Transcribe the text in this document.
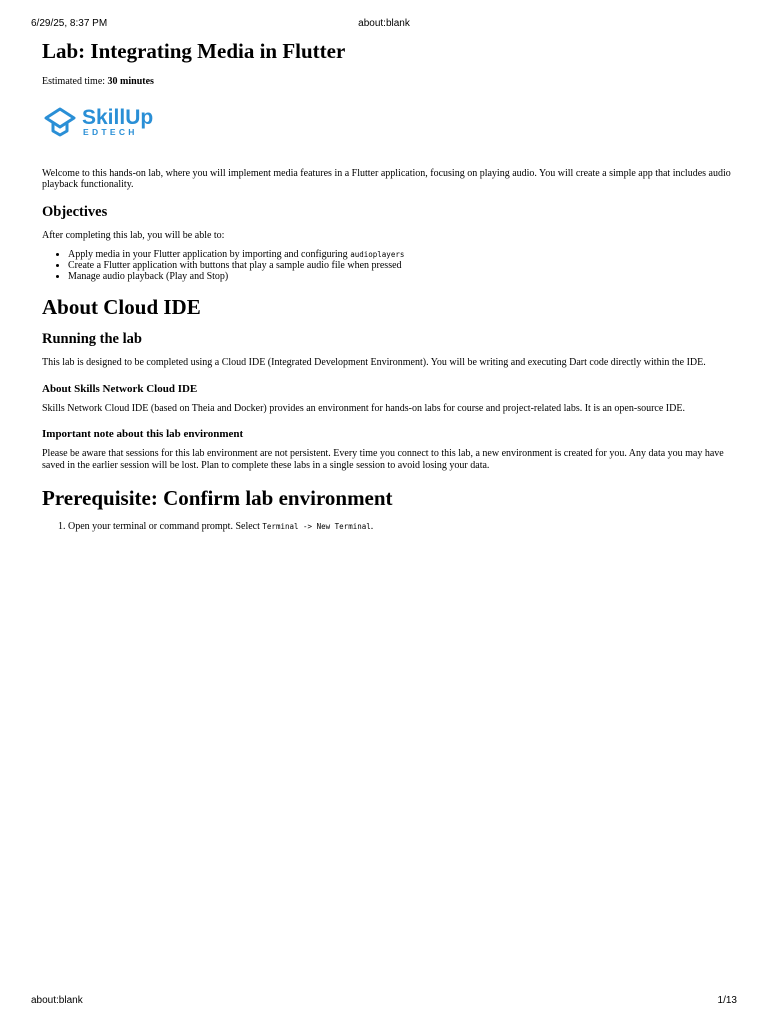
6/29/25, 8:37 PM	about:blank
Lab: Integrating Media in Flutter

Estimated time: 30 minutes

SkillUp
EDTECH

Welcome to this hands-on lab, where you will implement media features in a Flutter application, focusing on playing audio. You will create a simple app that includes audio playback functionality.

Objectives

After completing this lab, you will be able to:

• Apply media in your Flutter application by importing and configuring audioplayers
• Create a Flutter application with buttons that play a sample audio file when pressed
• Manage audio playback (Play and Stop)
About Cloud IDE
Running the lab

This lab is designed to be completed using a Cloud IDE (Integrated Development Environment). You will be writing and executing Dart code directly within the IDE.

About Skills Network Cloud IDE

Skills Network Cloud IDE (based on Theia and Docker) provides an environment for hands-on labs for course and project-related labs. It is an open-source IDE.

Important note about this lab environment

Please be aware that sessions for this lab environment are not persistent. Every time you connect to this lab, a new environment is created for you. Any data you may have saved in the earlier session will be lost. Plan to complete these labs in a single session to avoid losing your data.

Prerequisite: Confirm lab environment
1. Open your terminal or command prompt. Select Terminal -> New Terminal.
about:blank	1/13
